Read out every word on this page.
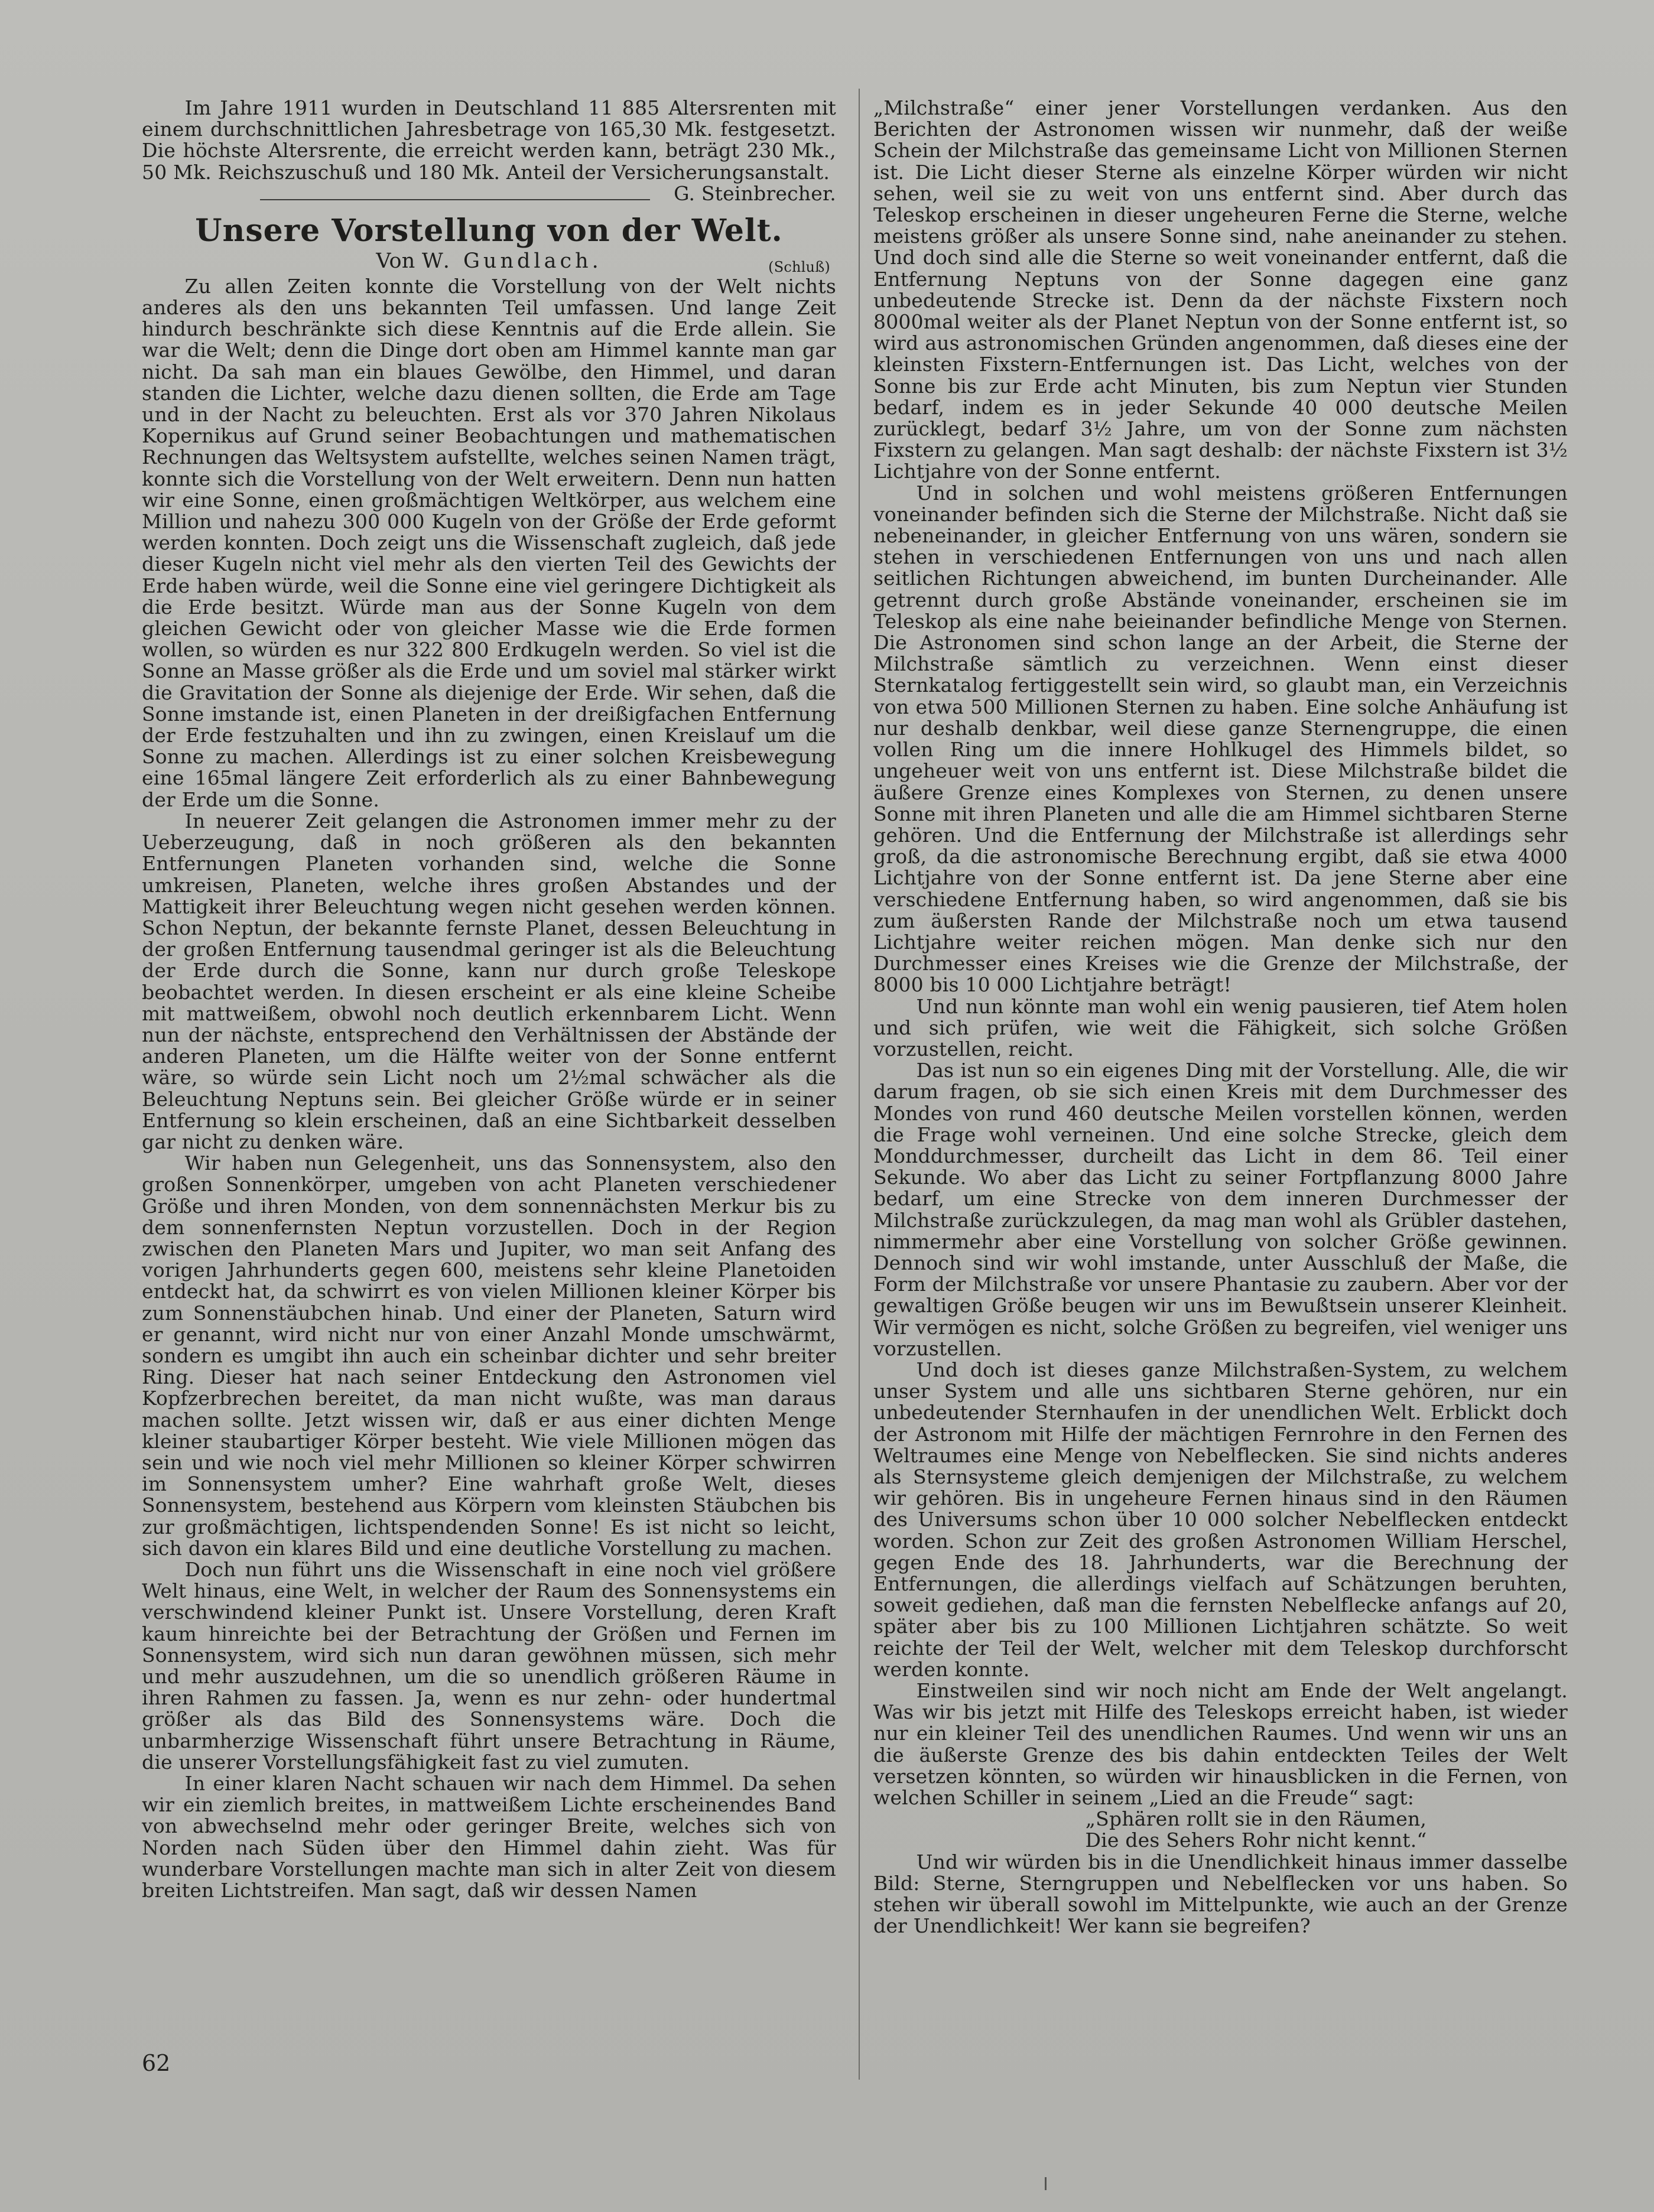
Im Jahre 1911 wurden in Deutschland 11 885 Altersrenten mit einem durchschnittlichen Jahresbetrage von 165,30 Mk. festgesetzt. Die höchste Altersrente, die erreicht werden kann, beträgt 230 Mk., 50 Mk. Reichszuschuß und 180 Mk. Anteil der Versicherungsanstalt.

G. Steinbrecher.
Unsere Vorstellung von der Welt.
Von W. Gundlach.	(Schluß)

Zu allen Zeiten konnte die Vorstellung von der Welt nichts anderes als den uns bekannten Teil umfassen. Und lange Zeit hindurch beschränkte sich diese Kenntnis auf die Erde allein. Sie war die Welt; denn die Dinge dort oben am Himmel kannte man gar nicht. Da sah man ein blaues Gewölbe, den Himmel, und daran standen die Lichter, welche dazu dienen sollten, die Erde am Tage und in der Nacht zu beleuchten. Erst als vor 370 Jahren Nikolaus Kopernikus auf Grund seiner Beobachtungen und mathematischen Rechnungen das Weltsystem aufstellte, welches seinen Namen trägt, konnte sich die Vorstellung von der Welt erweitern. Denn nun hatten wir eine Sonne, einen großmächtigen Weltkörper, aus welchem eine Million und nahezu 300 000 Kugeln von der Größe der Erde geformt werden konnten. Doch zeigt uns die Wissenschaft zugleich, daß jede dieser Kugeln nicht viel mehr als den vierten Teil des Gewichts der Erde haben würde, weil die Sonne eine viel geringere Dichtigkeit als die Erde besitzt. Würde man aus der Sonne Kugeln von dem gleichen Gewicht oder von gleicher Masse wie die Erde formen wollen, so würden es nur 322 800 Erdkugeln werden. So viel ist die Sonne an Masse größer als die Erde und um soviel mal stärker wirkt die Gravitation der Sonne als diejenige der Erde. Wir sehen, daß die Sonne imstande ist, einen Planeten in der dreißigfachen Entfernung der Erde festzuhalten und ihn zu zwingen, einen Kreislauf um die Sonne zu machen. Allerdings ist zu einer solchen Kreisbewegung eine 165mal längere Zeit erforderlich als zu einer Bahnbewegung der Erde um die Sonne.

In neuerer Zeit gelangen die Astronomen immer mehr zu der Ueberzeugung, daß in noch größeren als den bekannten Entfernungen Planeten vorhanden sind, welche die Sonne umkreisen, Planeten, welche ihres großen Abstandes und der Mattigkeit ihrer Beleuchtung wegen nicht gesehen werden können. Schon Neptun, der bekannte fernste Planet, dessen Beleuchtung in der großen Entfernung tausendmal geringer ist als die Beleuchtung der Erde durch die Sonne, kann nur durch große Teleskope beobachtet werden. In diesen erscheint er als eine kleine Scheibe mit mattweißem, obwohl noch deutlich erkennbarem Licht. Wenn nun der nächste, entsprechend den Verhältnissen der Abstände der anderen Planeten, um die Hälfte weiter von der Sonne entfernt wäre, so würde sein Licht noch um 2½mal schwächer als die Beleuchtung Neptuns sein. Bei gleicher Größe würde er in seiner Entfernung so klein erscheinen, daß an eine Sichtbarkeit desselben gar nicht zu denken wäre.

Wir haben nun Gelegenheit, uns das Sonnensystem, also den großen Sonnenkörper, umgeben von acht Planeten verschiedener Größe und ihren Monden, von dem sonnennächsten Merkur bis zu dem sonnenfernsten Neptun vorzustellen. Doch in der Region zwischen den Planeten Mars und Jupiter, wo man seit Anfang des vorigen Jahrhunderts gegen 600, meistens sehr kleine Planetoiden entdeckt hat, da schwirrt es von vielen Millionen kleiner Körper bis zum Sonnenstäubchen hinab. Und einer der Planeten, Saturn wird er genannt, wird nicht nur von einer Anzahl Monde umschwärmt, sondern es umgibt ihn auch ein scheinbar dichter und sehr breiter Ring. Dieser hat nach seiner Entdeckung den Astronomen viel Kopfzerbrechen bereitet, da man nicht wußte, was man daraus machen sollte. Jetzt wissen wir, daß er aus einer dichten Menge kleiner staubartiger Körper besteht. Wie viele Millionen mögen das sein und wie noch viel mehr Millionen so kleiner Körper schwirren im Sonnensystem umher? Eine wahrhaft große Welt, dieses Sonnensystem, bestehend aus Körpern vom kleinsten Stäubchen bis zur großmächtigen, lichtspendenden Sonne! Es ist nicht so leicht, sich davon ein klares Bild und eine deutliche Vorstellung zu machen.

Doch nun führt uns die Wissenschaft in eine noch viel größere Welt hinaus, eine Welt, in welcher der Raum des Sonnensystems ein verschwindend kleiner Punkt ist. Unsere Vorstellung, deren Kraft kaum hinreichte bei der Betrachtung der Größen und Fernen im Sonnensystem, wird sich nun daran gewöhnen müssen, sich mehr und mehr auszudehnen, um die so unendlich größeren Räume in ihren Rahmen zu fassen. Ja, wenn es nur zehn- oder hundertmal größer als das Bild des Sonnensystems wäre. Doch die unbarmherzige Wissenschaft führt unsere Betrachtung in Räume, die unserer Vorstellungsfähigkeit fast zu viel zumuten.

In einer klaren Nacht schauen wir nach dem Himmel. Da sehen wir ein ziemlich breites, in mattweißem Lichte erscheinendes Band von abwechselnd mehr oder geringer Breite, welches sich von Norden nach Süden über den Himmel dahin zieht. Was für wunderbare Vorstellungen machte man sich in alter Zeit von diesem breiten Lichtstreifen. Man sagt, daß wir dessen Namen

„Milchstraße“ einer jener Vorstellungen verdanken. Aus den Berichten der Astronomen wissen wir nunmehr, daß der weiße Schein der Milchstraße das gemeinsame Licht von Millionen Sternen ist. Die Licht dieser Sterne als einzelne Körper würden wir nicht sehen, weil sie zu weit von uns entfernt sind. Aber durch das Teleskop erscheinen in dieser ungeheuren Ferne die Sterne, welche meistens größer als unsere Sonne sind, nahe aneinander zu stehen. Und doch sind alle die Sterne so weit voneinander entfernt, daß die Entfernung Neptuns von der Sonne dagegen eine ganz unbedeutende Strecke ist. Denn da der nächste Fixstern noch 8000mal weiter als der Planet Neptun von der Sonne entfernt ist, so wird aus astronomischen Gründen angenommen, daß dieses eine der kleinsten Fixstern-Entfernungen ist. Das Licht, welches von der Sonne bis zur Erde acht Minuten, bis zum Neptun vier Stunden bedarf, indem es in jeder Sekunde 40 000 deutsche Meilen zurücklegt, bedarf 3½ Jahre, um von der Sonne zum nächsten Fixstern zu gelangen. Man sagt deshalb: der nächste Fixstern ist 3½ Lichtjahre von der Sonne entfernt.

Und in solchen und wohl meistens größeren Entfernungen voneinander befinden sich die Sterne der Milchstraße. Nicht daß sie nebeneinander, in gleicher Entfernung von uns wären, sondern sie stehen in verschiedenen Entfernungen von uns und nach allen seitlichen Richtungen abweichend, im bunten Durcheinander. Alle getrennt durch große Abstände voneinander, erscheinen sie im Teleskop als eine nahe beieinander befindliche Menge von Sternen. Die Astronomen sind schon lange an der Arbeit, die Sterne der Milchstraße sämtlich zu verzeichnen. Wenn einst dieser Sternkatalog fertiggestellt sein wird, so glaubt man, ein Verzeichnis von etwa 500 Millionen Sternen zu haben. Eine solche Anhäufung ist nur deshalb denkbar, weil diese ganze Sternengruppe, die einen vollen Ring um die innere Hohlkugel des Himmels bildet, so ungeheuer weit von uns entfernt ist. Diese Milchstraße bildet die äußere Grenze eines Komplexes von Sternen, zu denen unsere Sonne mit ihren Planeten und alle die am Himmel sichtbaren Sterne gehören. Und die Entfernung der Milchstraße ist allerdings sehr groß, da die astronomische Berechnung ergibt, daß sie etwa 4000 Lichtjahre von der Sonne entfernt ist. Da jene Sterne aber eine verschiedene Entfernung haben, so wird angenommen, daß sie bis zum äußersten Rande der Milchstraße noch um etwa tausend Lichtjahre weiter reichen mögen. Man denke sich nur den Durchmesser eines Kreises wie die Grenze der Milchstraße, der 8000 bis 10 000 Lichtjahre beträgt!

Und nun könnte man wohl ein wenig pausieren, tief Atem holen und sich prüfen, wie weit die Fähigkeit, sich solche Größen vorzustellen, reicht.

Das ist nun so ein eigenes Ding mit der Vorstellung. Alle, die wir darum fragen, ob sie sich einen Kreis mit dem Durchmesser des Mondes von rund 460 deutsche Meilen vorstellen können, werden die Frage wohl verneinen. Und eine solche Strecke, gleich dem Monddurchmesser, durcheilt das Licht in dem 86. Teil einer Sekunde. Wo aber das Licht zu seiner Fortpflanzung 8000 Jahre bedarf, um eine Strecke von dem inneren Durchmesser der Milchstraße zurückzulegen, da mag man wohl als Grübler dastehen, nimmermehr aber eine Vorstellung von solcher Größe gewinnen. Dennoch sind wir wohl imstande, unter Ausschluß der Maße, die Form der Milchstraße vor unsere Phantasie zu zaubern. Aber vor der gewaltigen Größe beugen wir uns im Bewußtsein unserer Kleinheit. Wir vermögen es nicht, solche Größen zu begreifen, viel weniger uns vorzustellen.

Und doch ist dieses ganze Milchstraßen-System, zu welchem unser System und alle uns sichtbaren Sterne gehören, nur ein unbedeutender Sternhaufen in der unendlichen Welt. Erblickt doch der Astronom mit Hilfe der mächtigen Fernrohre in den Fernen des Weltraumes eine Menge von Nebelflecken. Sie sind nichts anderes als Sternsysteme gleich demjenigen der Milchstraße, zu welchem wir gehören. Bis in ungeheure Fernen hinaus sind in den Räumen des Universums schon über 10 000 solcher Nebelflecken entdeckt worden. Schon zur Zeit des großen Astronomen William Herschel, gegen Ende des 18. Jahrhunderts, war die Berechnung der Entfernungen, die allerdings vielfach auf Schätzungen beruhten, soweit gediehen, daß man die fernsten Nebelflecke anfangs auf 20, später aber bis zu 100 Millionen Lichtjahren schätzte. So weit reichte der Teil der Welt, welcher mit dem Teleskop durchforscht werden konnte.

Einstweilen sind wir noch nicht am Ende der Welt angelangt. Was wir bis jetzt mit Hilfe des Teleskops erreicht haben, ist wieder nur ein kleiner Teil des unendlichen Raumes. Und wenn wir uns an die äußerste Grenze des bis dahin entdeckten Teiles der Welt versetzen könnten, so würden wir hinausblicken in die Fernen, von welchen Schiller in seinem „Lied an die Freude“ sagt:

„Sphären rollt sie in den Räumen,

Die des Sehers Rohr nicht kennt.“

Und wir würden bis in die Unendlichkeit hinaus immer dasselbe Bild: Sterne, Sterngruppen und Nebelflecken vor uns haben. So stehen wir überall sowohl im Mittelpunkte, wie auch an der Grenze der Unendlichkeit! Wer kann sie begreifen?

62
